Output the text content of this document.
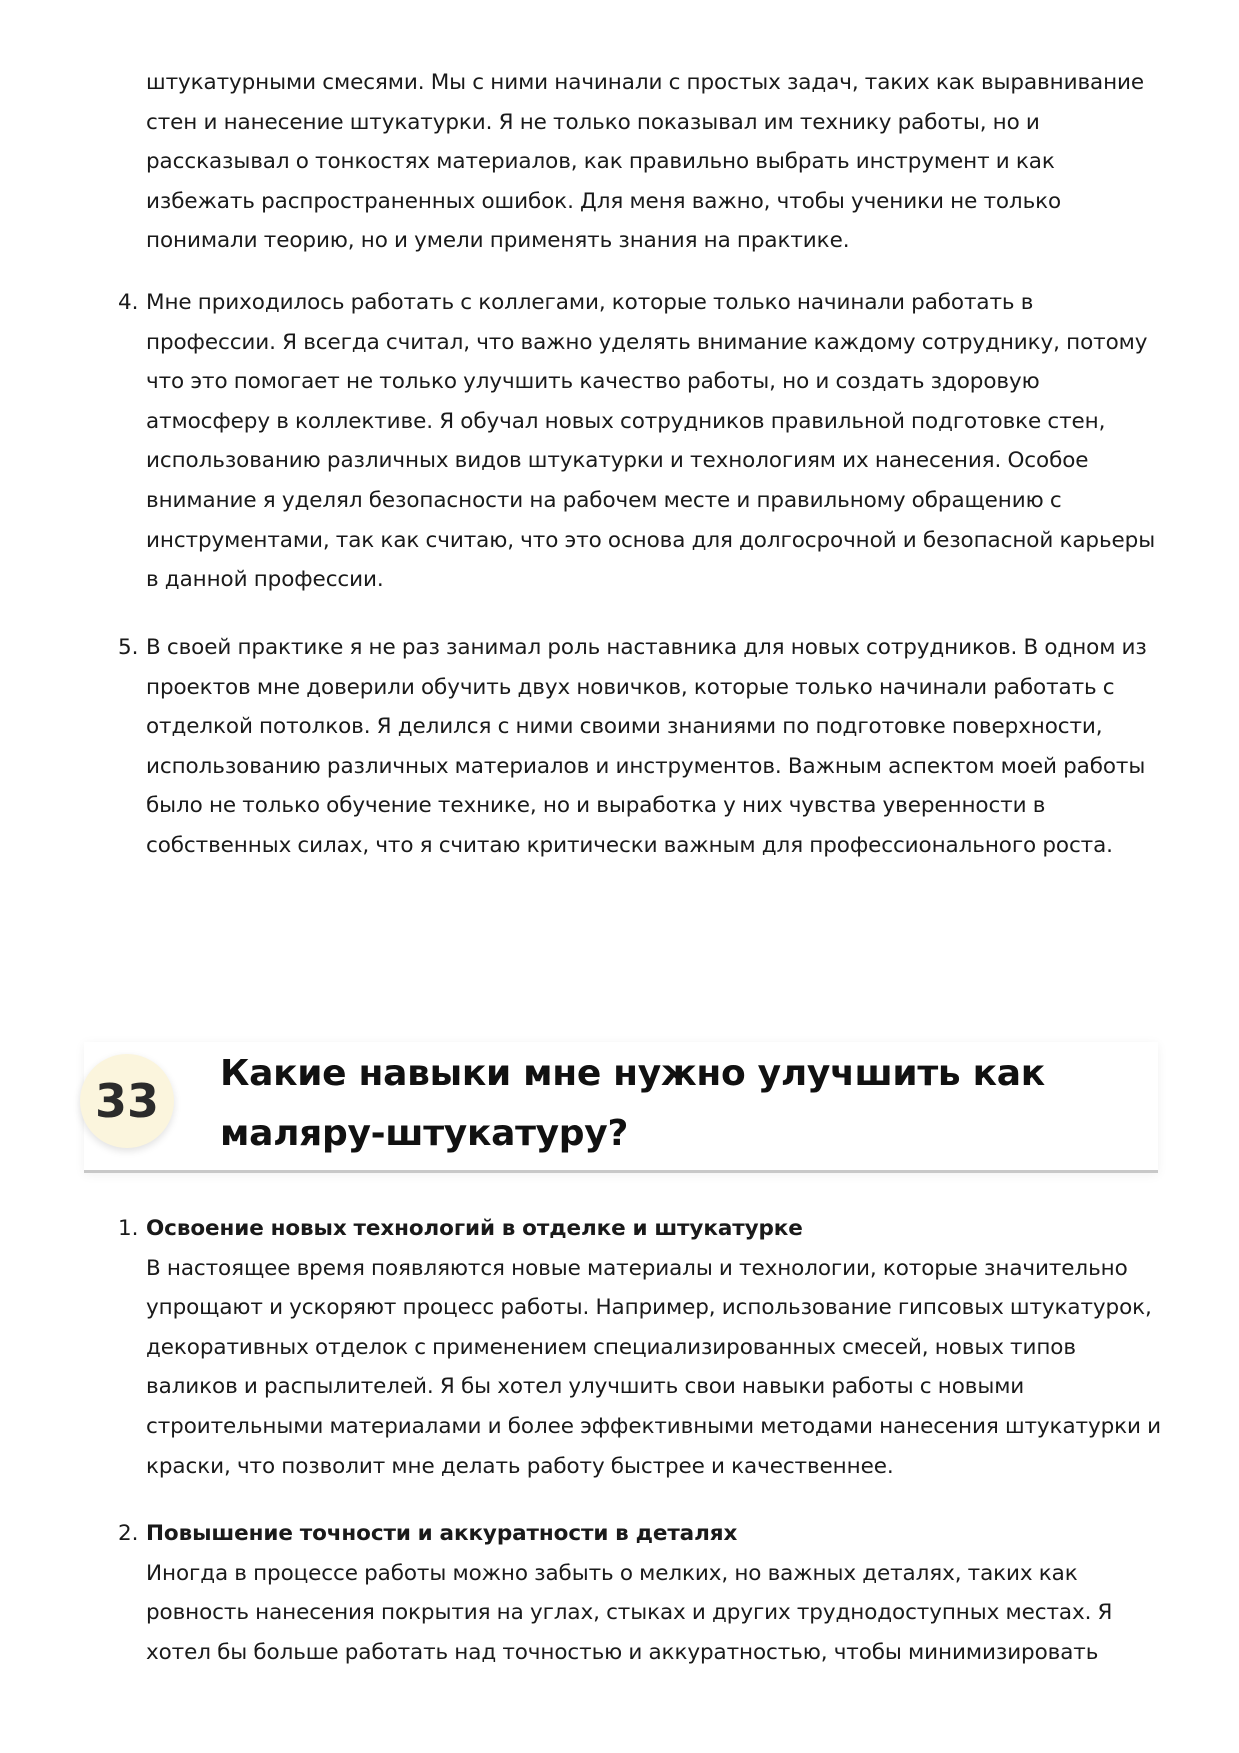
штукатурными смесями. Мы с ними начинали с простых задач, таких как выравнивание стен и нанесение штукатурки. Я не только показывал им технику работы, но и рассказывал о тонкостях материалов, как правильно выбрать инструмент и как избежать распространенных ошибок. Для меня важно, чтобы ученики не только понимали теорию, но и умели применять знания на практике.

4. Мне приходилось работать с коллегами, которые только начинали работать в профессии. Я всегда считал, что важно уделять внимание каждому сотруднику, потому что это помогает не только улучшить качество работы, но и создать здоровую атмосферу в коллективе. Я обучал новых сотрудников правильной подготовке стен, использованию различных видов штукатурки и технологиям их нанесения. Особое внимание я уделял безопасности на рабочем месте и правильному обращению с инструментами, так как считаю, что это основа для долгосрочной и безопасной карьеры в данной профессии.

5. В своей практике я не раз занимал роль наставника для новых сотрудников. В одном из проектов мне доверили обучить двух новичков, которые только начинали работать с отделкой потолков. Я делился с ними своими знаниями по подготовке поверхности, использованию различных материалов и инструментов. Важным аспектом моей работы было не только обучение технике, но и выработка у них чувства уверенности в собственных силах, что я считаю критически важным для профессионального роста.

33
Какие навыки мне нужно улучшить как маляру-штукатуру?
1. Освоение новых технологий в отделке и штукатурке
В настоящее время появляются новые материалы и технологии, которые значительно упрощают и ускоряют процесс работы. Например, использование гипсовых штукатурок, декоративных отделок с применением специализированных смесей, новых типов валиков и распылителей. Я бы хотел улучшить свои навыки работы с новыми строительными материалами и более эффективными методами нанесения штукатурки и краски, что позволит мне делать работу быстрее и качественнее.
2. Повышение точности и аккуратности в деталях
Иногда в процессе работы можно забыть о мелких, но важных деталях, таких как ровность нанесения покрытия на углах, стыках и других труднодоступных местах. Я хотел бы больше работать над точностью и аккуратностью, чтобы минимизировать
